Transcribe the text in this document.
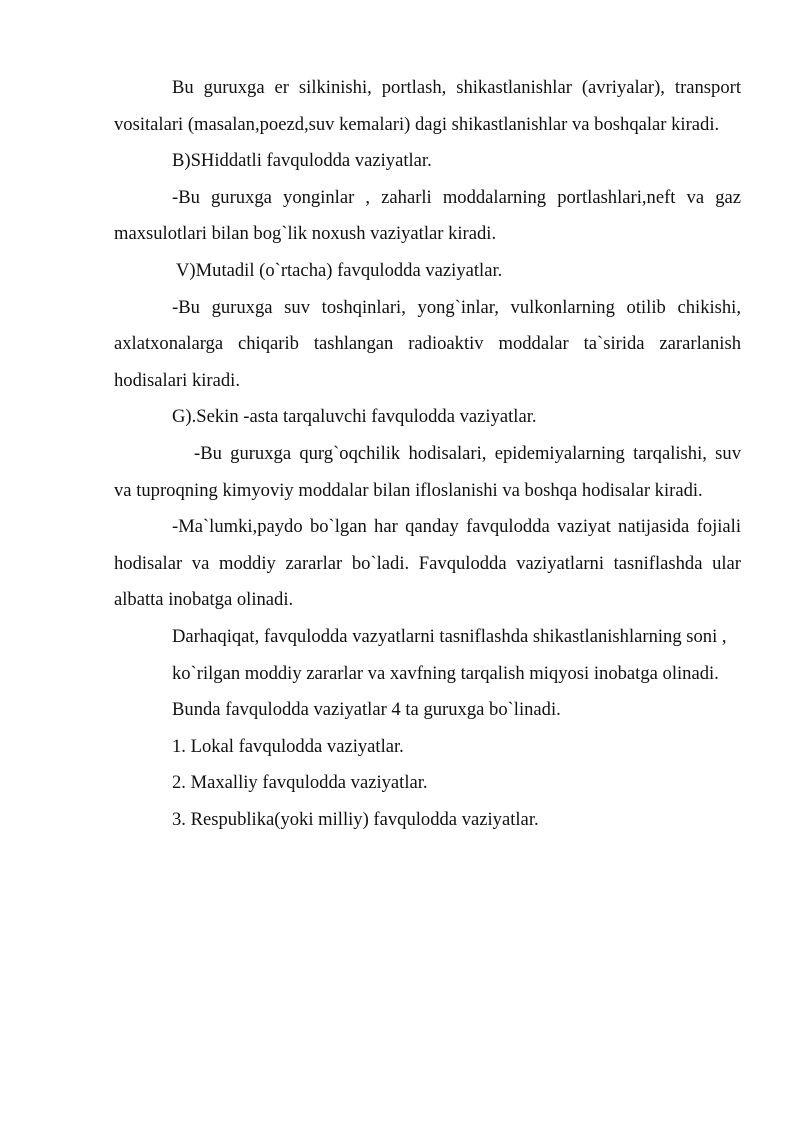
Bu guruxga er silkinishi, portlash, shikastlanishlar (avriyalar), transport vositalari (masalan,poezd,suv kemalari) dagi shikastlanishlar va boshqalar kiradi.

B)SHiddatli favqulodda vaziyatlar.

-Bu guruxga yonginlar , zaharli moddalarning portlashlari,neft va gaz maxsulotlari bilan bog`lik noxush vaziyatlar kiradi.

V)Mutadil (o`rtacha) favqulodda vaziyatlar.

-Bu guruxga suv toshqinlari, yong`inlar, vulkonlarning otilib chikishi, axlatxonalarga chiqarib tashlangan radioaktiv moddalar ta`sirida zararlanish hodisalari kiradi.

G).Sekin -asta tarqaluvchi favqulodda vaziyatlar.

-Bu guruxga qurg`oqchilik hodisalari, epidemiyalarning tarqalishi, suv va tuproqning kimyoviy moddalar bilan ifloslanishi va boshqa hodisalar kiradi.

-Ma`lumki,paydo bo`lgan har qanday favqulodda vaziyat natijasida fojiali hodisalar va moddiy zararlar bo`ladi. Favqulodda vaziyatlarni tasniflashda ular albatta inobatga olinadi.

Darhaqiqat, favqulodda vazyatlarni tasniflashda shikastlanishlarning soni ,

ko`rilgan moddiy zararlar va xavfning tarqalish miqyosi inobatga olinadi.

Bunda favqulodda vaziyatlar 4 ta guruxga bo`linadi.

1. Lokal favqulodda vaziyatlar.

2. Maxalliy favqulodda vaziyatlar.

3. Respublika(yoki milliy) favqulodda vaziyatlar.
